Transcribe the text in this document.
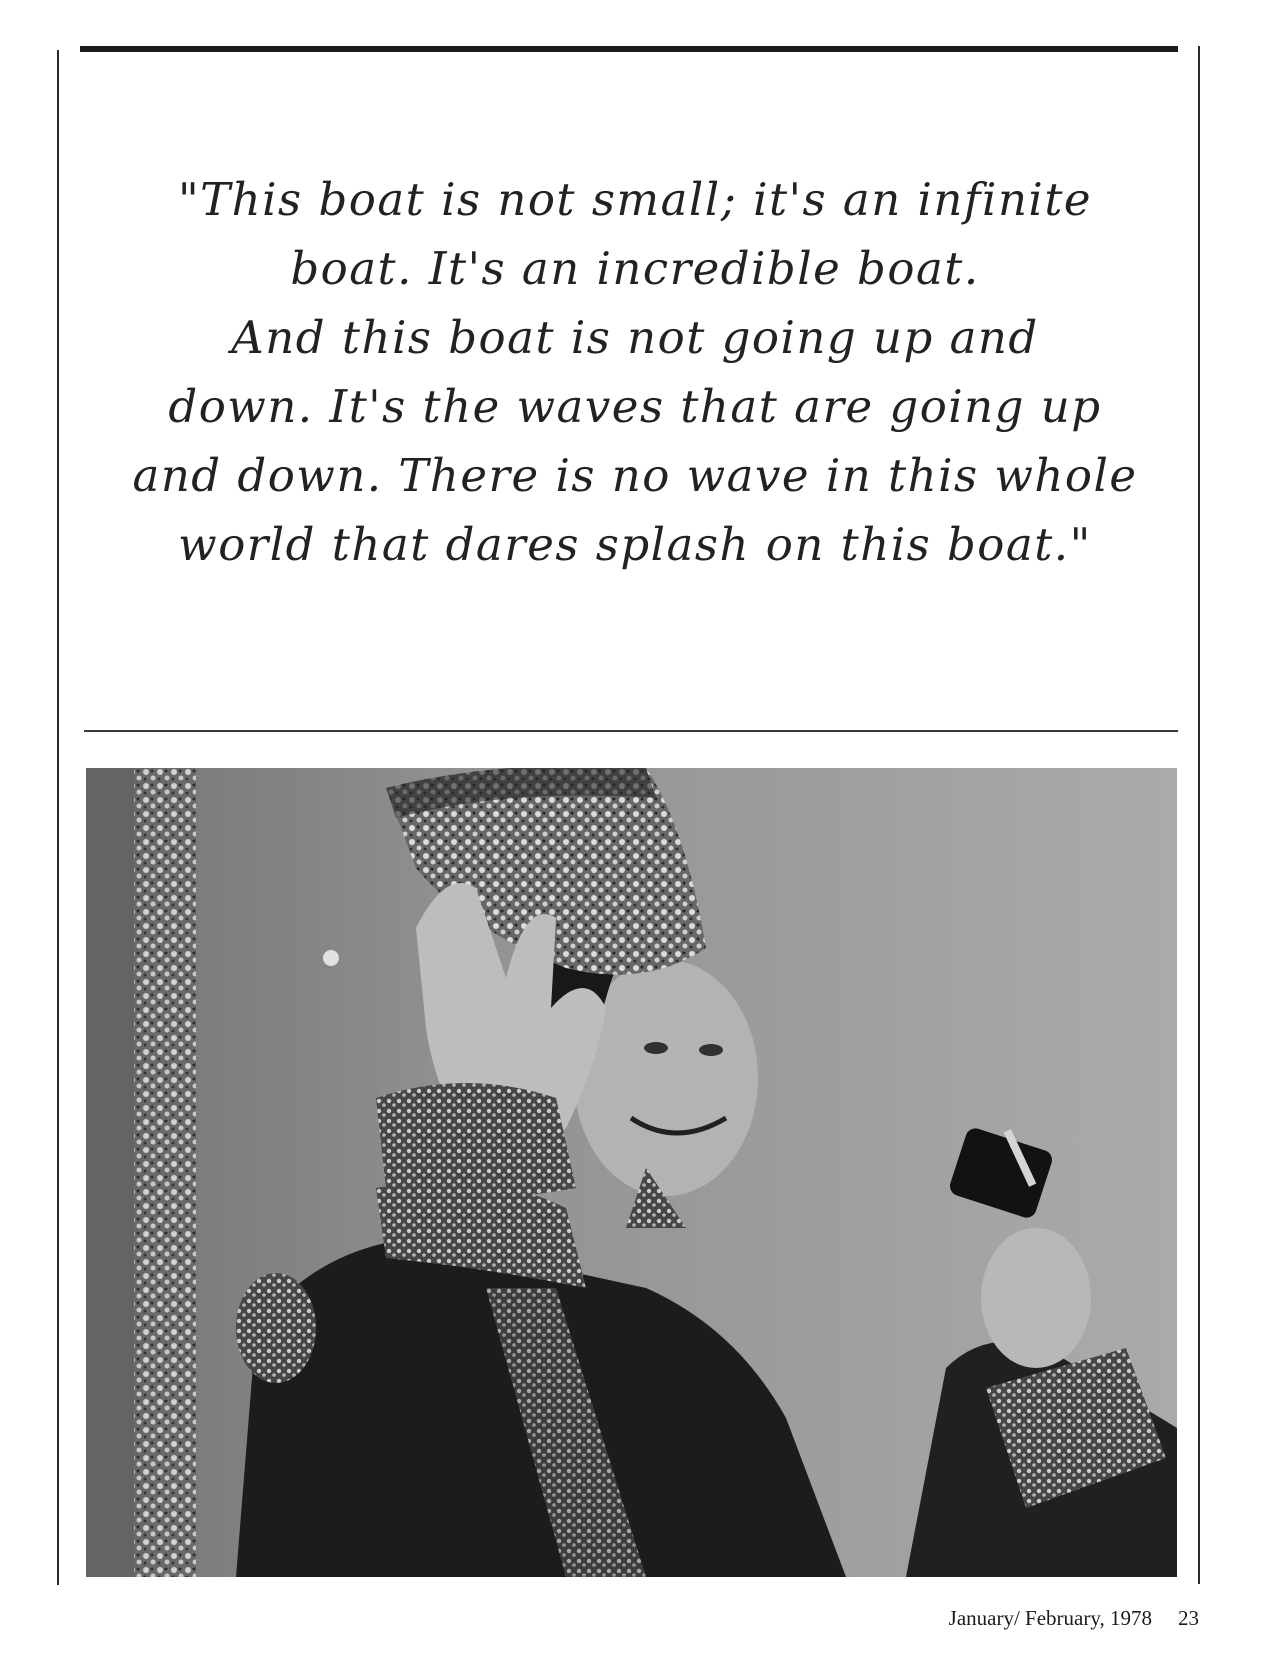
"This boat is not small; it's an infinite
boat. It's an incredible boat.
And this boat is not going up and
down. It's the waves that are going up
and down. There is no wave in this whole
world that dares splash on this boat."
January/ February, 1978 23
